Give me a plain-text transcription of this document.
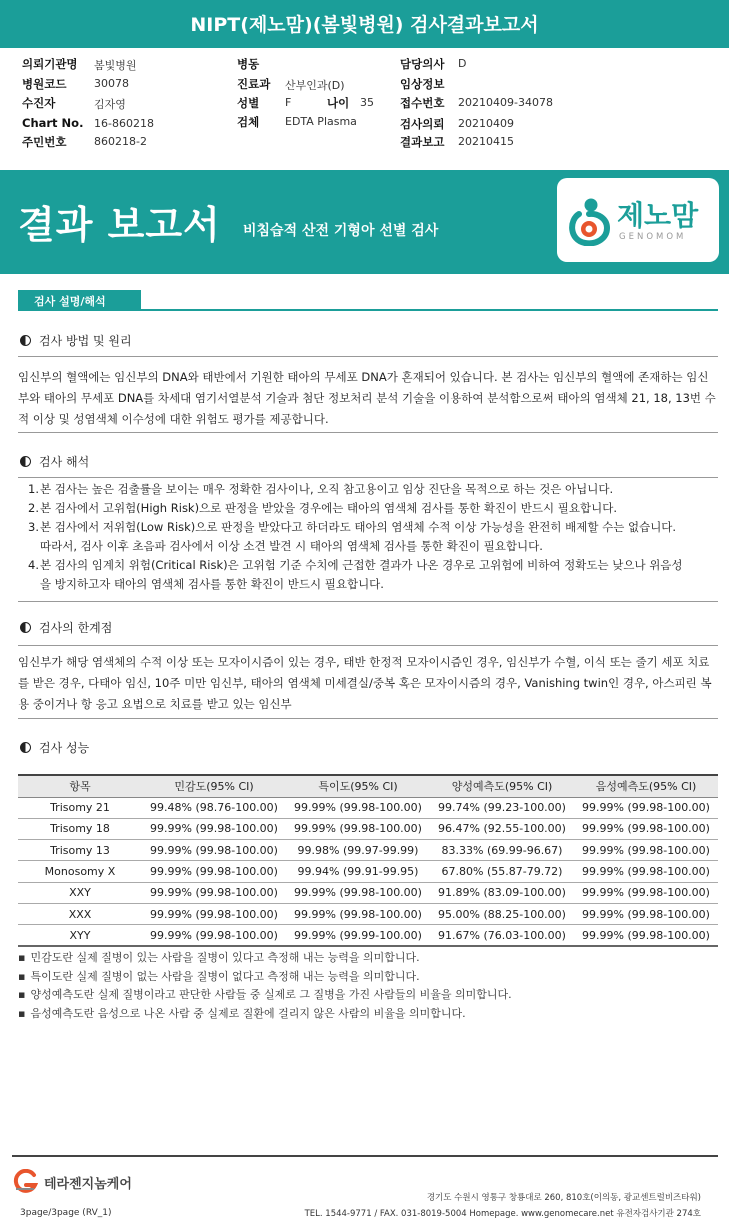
NIPT(제노맘)(봄빛병원) 검사결과보고서
의뢰기관명 봄빛병원
병원코드	30078
수진자	김자영
Chart No. 16-860218
주민번호	860218-2
병동
진료과 산부인과(D)
성별 F	나이 35
검체 EDTA Plasma
담당의사 D
임상정보
접수번호 20210409-34078
검사의뢰 20210409
결과보고 20210415
결과 보고서 비침습적 산전 기형아 선별 검사	제노맘
GENOMOM
검사 설명/해석
검사 방법 및 원리
임신부의 혈액에는 임신부의 DNA와 태반에서 기원한 태아의 무세포 DNA가 혼재되어 있습니다. 본 검사는 임신부의 혈액에 존재하는 임신부와 태아의 무세포 DNA를 차세대 염기서열분석 기술과 첨단 정보처리 분석 기술을 이용하여 분석함으로써 태아의 염색체 21, 18, 13번 수적 이상 및 성염색체 이수성에 대한 위험도 평가를 제공합니다.
검사 해석
1.본 검사는 높은 검출률을 보이는 매우 정확한 검사이나, 오직 참고용이고 임상 진단을 목적으로 하는 것은 아닙니다.
2.본 검사에서 고위험(High Risk)으로 판정을 받았을 경우에는 태아의 염색체 검사를 통한 확진이 반드시 필요합니다.
3.본 검사에서 저위험(Low Risk)으로 판정을 받았다고 하더라도 태아의 염색체 수적 이상 가능성을 완전히 배제할 수는 없습니다.
따라서, 검사 이후 초음파 검사에서 이상 소견 발견 시 태아의 염색체 검사를 통한 확진이 필요합니다.
4.본 검사의 임계치 위험(Critical Risk)은 고위험 기준 수치에 근접한 결과가 나온 경우로 고위험에 비하여 정확도는 낮으나 위음성
을 방지하고자 태아의 염색체 검사를 통한 확진이 반드시 필요합니다.
검사의 한계점
임신부가 해당 염색체의 수적 이상 또는 모자이시즘이 있는 경우, 태반 한정적 모자이시즘인 경우, 임신부가 수혈, 이식 또는 줄기 세포 치료를 받은 경우, 다태아 임신, 10주 미만 임신부, 태아의 염색체 미세결실/중복 혹은 모자이시즘의 경우, Vanishing twin인 경우, 아스피린 복용 중이거나 항 응고 요법으로 치료를 받고 있는 임신부
검사 성능
항목	민감도(95% CI)	특이도(95% CI)	양성예측도(95% CI)	음성예측도(95% CI)
Trisomy 21	99.48% (98.76-100.00)	99.99% (99.98-100.00)	99.74% (99.23-100.00)	99.99% (99.98-100.00)
Trisomy 18	99.99% (99.98-100.00)	99.99% (99.98-100.00)	96.47% (92.55-100.00)	99.99% (99.98-100.00)
Trisomy 13	99.99% (99.98-100.00)	99.98% (99.97-99.99)	83.33% (69.99-96.67)	99.99% (99.98-100.00)
Monosomy X	99.99% (99.98-100.00)	99.94% (99.91-99.95)	67.80% (55.87-79.72)	99.99% (99.98-100.00)
XXY	99.99% (99.98-100.00)	99.99% (99.98-100.00)	91.89% (83.09-100.00)	99.99% (99.98-100.00)
XXX	99.99% (99.98-100.00)	99.99% (99.98-100.00)	95.00% (88.25-100.00)	99.99% (99.98-100.00)
XYY	99.99% (99.98-100.00)	99.99% (99.99-100.00)	91.67% (76.03-100.00)	99.99% (99.98-100.00)
▪ 민감도란 실제 질병이 있는 사람을 질병이 있다고 측정해 내는 능력을 의미합니다.
▪ 특이도란 실제 질병이 없는 사람을 질병이 없다고 측정해 내는 능력을 의미합니다.
▪ 양성예측도란 실제 질병이라고 판단한 사람들 중 실제로 그 질병을 가진 사람들의 비율을 의미합니다.
▪ 음성예측도란 음성으로 나온 사람 중 실제로 질환에 걸리지 않은 사람의 비율을 의미합니다.
테라젠지놈케어
경기도 수원시 영통구 창룡대로 260, 810호(이의동, 광교센트럴비즈타워)
TEL. 1544-9771 / FAX. 031-8019-5004 Homepage. www.genomecare.net 유전자검사기관 274호
3page/3page (RV_1)
